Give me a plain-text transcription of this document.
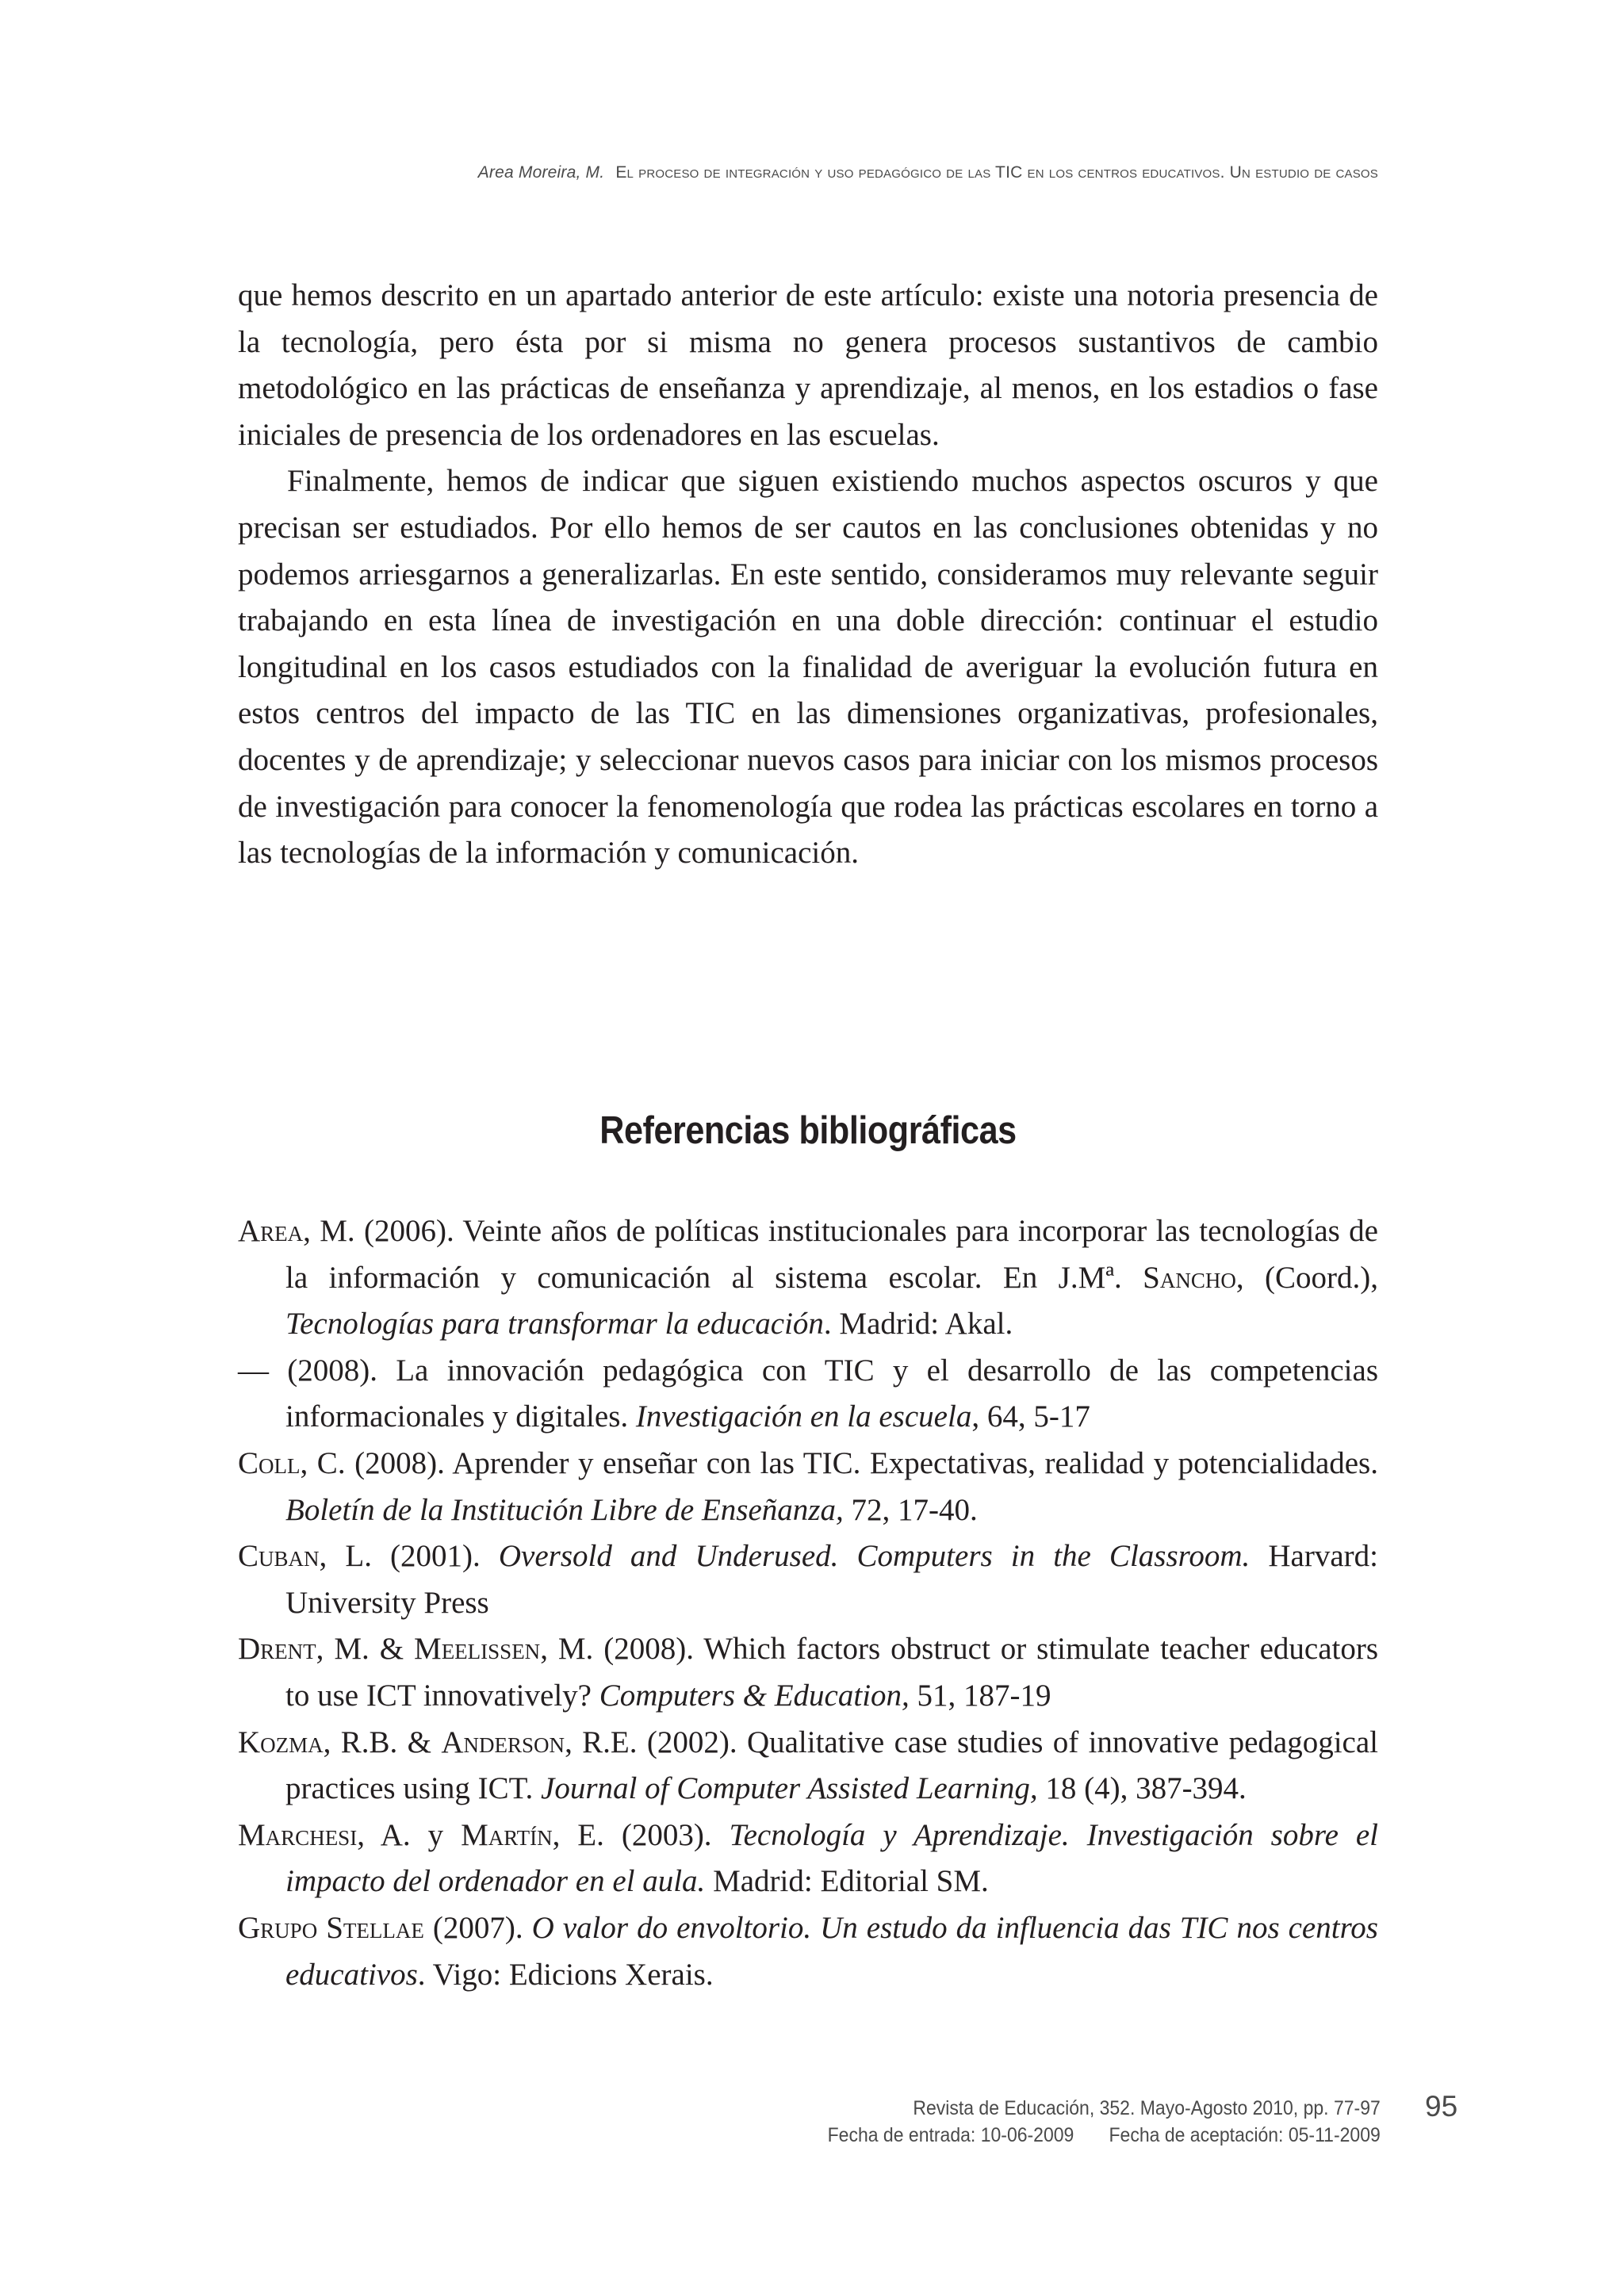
Area Moreira, M. El proceso de integración y uso pedagógico de las TIC en los centros educativos. Un estudio de casos

que hemos descrito en un apartado anterior de este artículo: existe una notoria presencia de la tecnología, pero ésta por si misma no genera procesos sustantivos de cambio metodológico en las prácticas de enseñanza y aprendizaje, al menos, en los estadios o fase iniciales de presencia de los ordenadores en las escuelas.

Finalmente, hemos de indicar que siguen existiendo muchos aspectos oscuros y que precisan ser estudiados. Por ello hemos de ser cautos en las conclusiones obtenidas y no podemos arriesgarnos a generalizarlas. En este sentido, consideramos muy relevante seguir trabajando en esta línea de investigación en una doble dirección: continuar el estudio longitudinal en los casos estudiados con la finalidad de averiguar la evolución futura en estos centros del impacto de las TIC en las dimensiones organizativas, profesionales, docentes y de aprendizaje; y seleccionar nuevos casos para iniciar con los mismos procesos de investigación para conocer la fenomenología que rodea las prácticas escolares en torno a las tecnologías de la información y comunicación.

Referencias bibliográficas

Area, M. (2006). Veinte años de políticas institucionales para incorporar las tecnologías de la información y comunicación al sistema escolar. En J.Mª. Sancho, (Coord.), Tecnologías para transformar la educación. Madrid: Akal.

— (2008). La innovación pedagógica con TIC y el desarrollo de las competencias informacionales y digitales. Investigación en la escuela, 64, 5-17

Coll, C. (2008). Aprender y enseñar con las TIC. Expectativas, realidad y potencialidades. Boletín de la Institución Libre de Enseñanza, 72, 17-40.

Cuban, L. (2001). Oversold and Underused. Computers in the Classroom. Harvard: University Press

Drent, M. & Meelissen, M. (2008). Which factors obstruct or stimulate teacher educators to use ICT innovatively? Computers & Education, 51, 187-19

Kozma, R.B. & Anderson, R.E. (2002). Qualitative case studies of innovative pedagogical practices using ICT. Journal of Computer Assisted Learning, 18 (4), 387-394.

Marchesi, A. y Martín, E. (2003). Tecnología y Aprendizaje. Investigación sobre el impacto del ordenador en el aula. Madrid: Editorial SM.

Grupo Stellae (2007). O valor do envoltorio. Un estudo da influencia das TIC nos centros educativos. Vigo: Edicions Xerais.

Revista de Educación, 352. Mayo-Agosto 2010, pp. 77-97
Fecha de entrada: 10-06-2009 Fecha de aceptación: 05-11-2009
95
